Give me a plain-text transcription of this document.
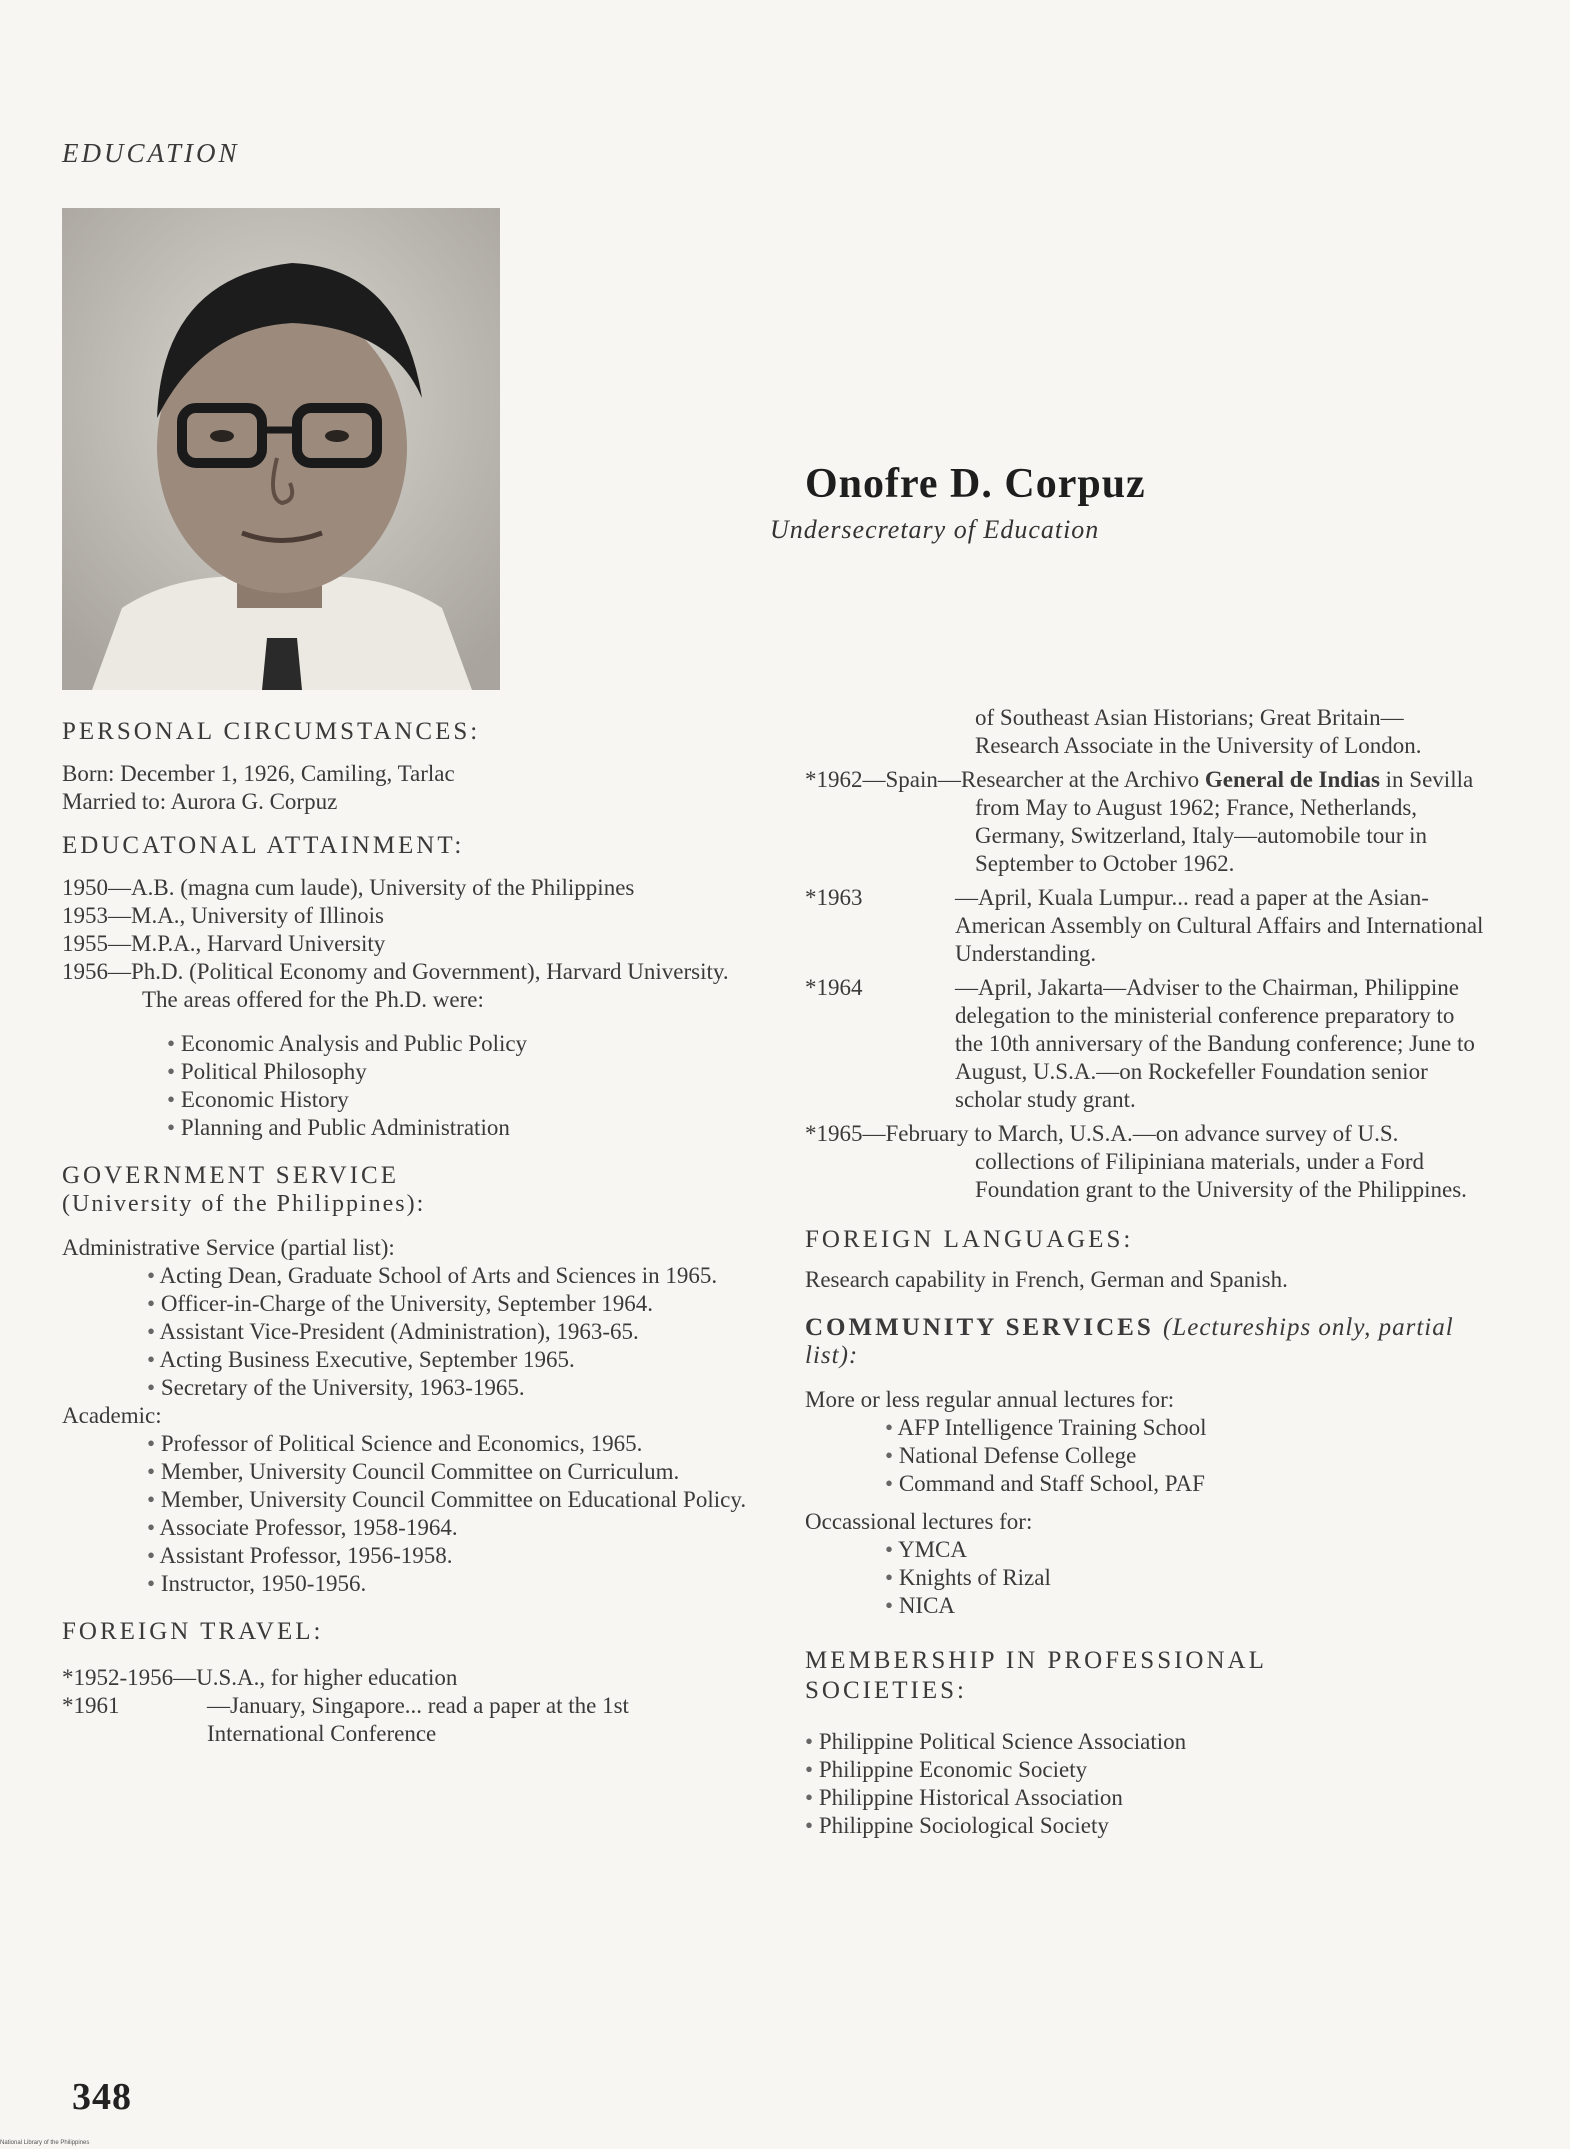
EDUCATION
Onofre D. Corpuz
Undersecretary of Education

PERSONAL CIRCUMSTANCES:

Born: December 1, 1926, Camiling, Tarlac

Married to: Aurora G. Corpuz

EDUCATONAL ATTAINMENT:

1950—A.B. (magna cum laude), University of the Philippines

1953—M.A., University of Illinois

1955—M.P.A., Harvard University

1956—Ph.D. (Political Economy and Government), Harvard University. The areas offered for the Ph.D. were:

• Economic Analysis and Public Policy
• Political Philosophy
• Economic History
• Planning and Public Administration

GOVERNMENT SERVICE

(University of the Philippines):

Administrative Service (partial list):

• Acting Dean, Graduate School of Arts and Sciences in 1965.
• Officer-in-Charge of the University, September 1964.
• Assistant Vice-President (Administration), 1963-65.
• Acting Business Executive, September 1965.
• Secretary of the University, 1963-1965.

Academic:

• Professor of Political Science and Economics, 1965.
• Member, University Council Committee on Curriculum.
• Member, University Council Committee on Educational Policy.
• Associate Professor, 1958-1964.
• Assistant Professor, 1956-1958.
• Instructor, 1950-1956.

FOREIGN TRAVEL:

*1952-1956—U.S.A., for higher education

*1961	—January, Singapore... read a paper at the 1st International Conference

of Southeast Asian Historians; Great Britain—Research Associate in the University of London.

*1962—Spain—Researcher at the Archivo General de Indias in Sevilla from May to August 1962; France, Netherlands, Germany, Switzerland, Italy—automobile tour in September to October 1962.

*1963	—April, Kuala Lumpur... read a paper at the Asian-American Assembly on Cultural Affairs and International Understanding.
*1964	—April, Jakarta—Adviser to the Chairman, Philippine delegation to the ministerial conference preparatory to the 10th anniversary of the Bandung conference; June to August, U.S.A.—on Rockefeller Foundation senior scholar study grant.

*1965—February to March, U.S.A.—on advance survey of U.S. collections of Filipiniana materials, under a Ford Foundation grant to the University of the Philippines.

FOREIGN LANGUAGES:

Research capability in French, German and Spanish.

COMMUNITY SERVICES (Lectureships only, partial list):

More or less regular annual lectures for:

• AFP Intelligence Training School
• National Defense College
• Command and Staff School, PAF

Occassional lectures for:

• YMCA
• Knights of Rizal
• NICA

MEMBERSHIP IN PROFESSIONAL SOCIETIES:

• Philippine Political Science Association
• Philippine Economic Society
• Philippine Historical Association
• Philippine Sociological Society
348
National Library of the Philippines
